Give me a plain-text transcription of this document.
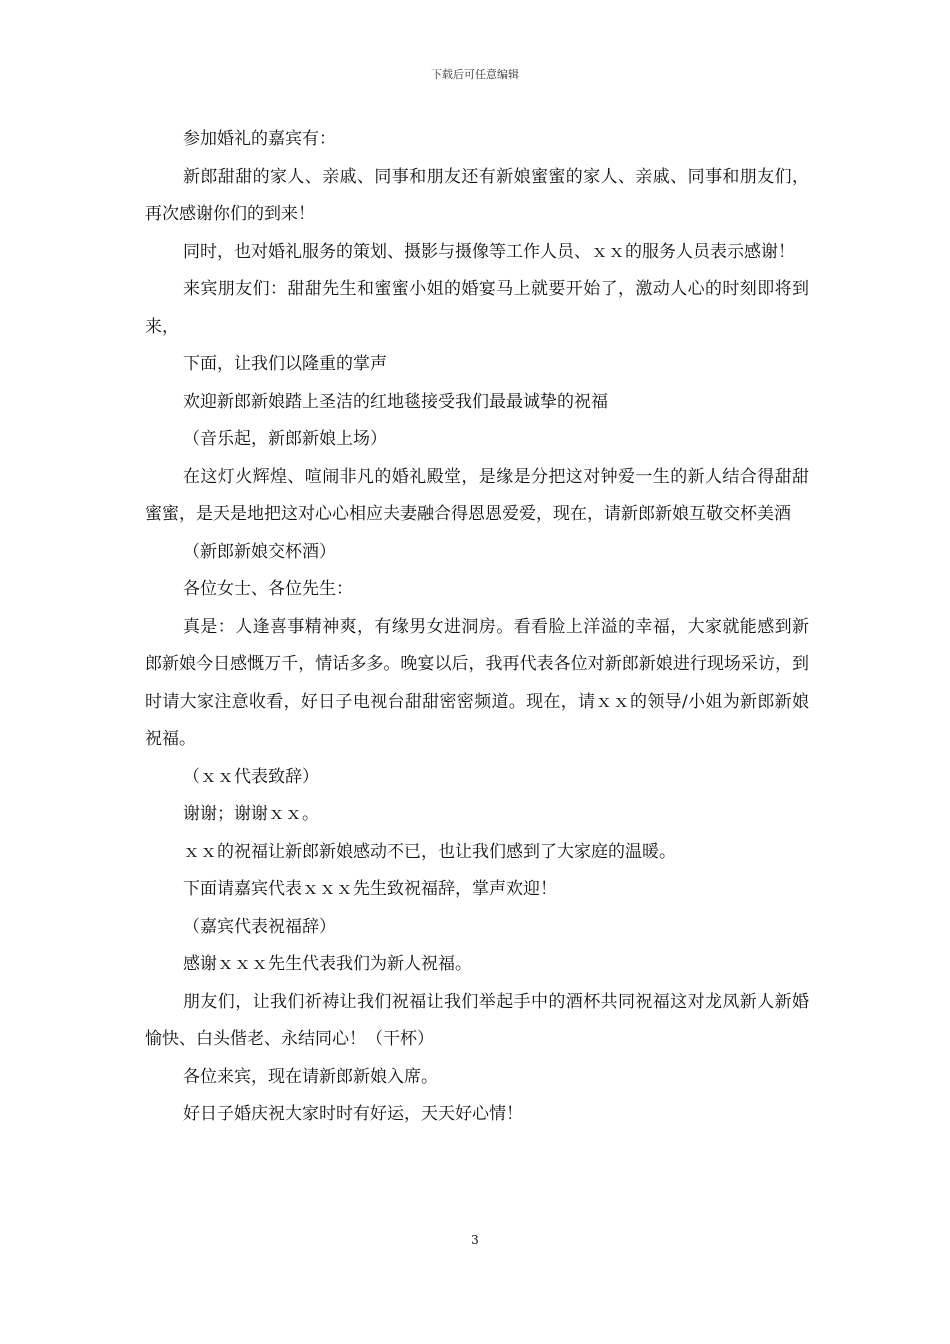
下载后可任意编辑

参加婚礼的嘉宾有：

新郎甜甜的家人、亲戚、同事和朋友还有新娘蜜蜜的家人、亲戚、同事和朋友们，再次感谢你们的到来！

同时，也对婚礼服务的策划、摄影与摄像等工作人员、ｘｘ的服务人员表示感谢！

来宾朋友们：甜甜先生和蜜蜜小姐的婚宴马上就要开始了，激动人心的时刻即将到来，

下面，让我们以隆重的掌声

欢迎新郎新娘踏上圣洁的红地毯接受我们最最诚挚的祝福

（音乐起，新郎新娘上场）

在这灯火辉煌、喧闹非凡的婚礼殿堂，是缘是分把这对钟爱一生的新人结合得甜甜蜜蜜，是天是地把这对心心相应夫妻融合得恩恩爱爱，现在，请新郎新娘互敬交杯美酒

（新郎新娘交杯酒）

各位女士、各位先生：

真是：人逢喜事精神爽，有缘男女进洞房。看看脸上洋溢的幸福，大家就能感到新郎新娘今日感慨万千，情话多多。晚宴以后，我再代表各位对新郎新娘进行现场采访，到时请大家注意收看，好日子电视台甜甜密密频道。现在，请ｘｘ的领导/小姐为新郎新娘祝福。

（ｘｘ代表致辞）

谢谢；谢谢ｘｘ。

ｘｘ的祝福让新郎新娘感动不已，也让我们感到了大家庭的温暖。

下面请嘉宾代表ｘｘｘ先生致祝福辞，掌声欢迎！

（嘉宾代表祝福辞）

感谢ｘｘｘ先生代表我们为新人祝福。

朋友们，让我们祈祷让我们祝福让我们举起手中的酒杯共同祝福这对龙凤新人新婚愉快、白头偕老、永结同心！（干杯）

各位来宾，现在请新郎新娘入席。

好日子婚庆祝大家时时有好运，天天好心情！

3
